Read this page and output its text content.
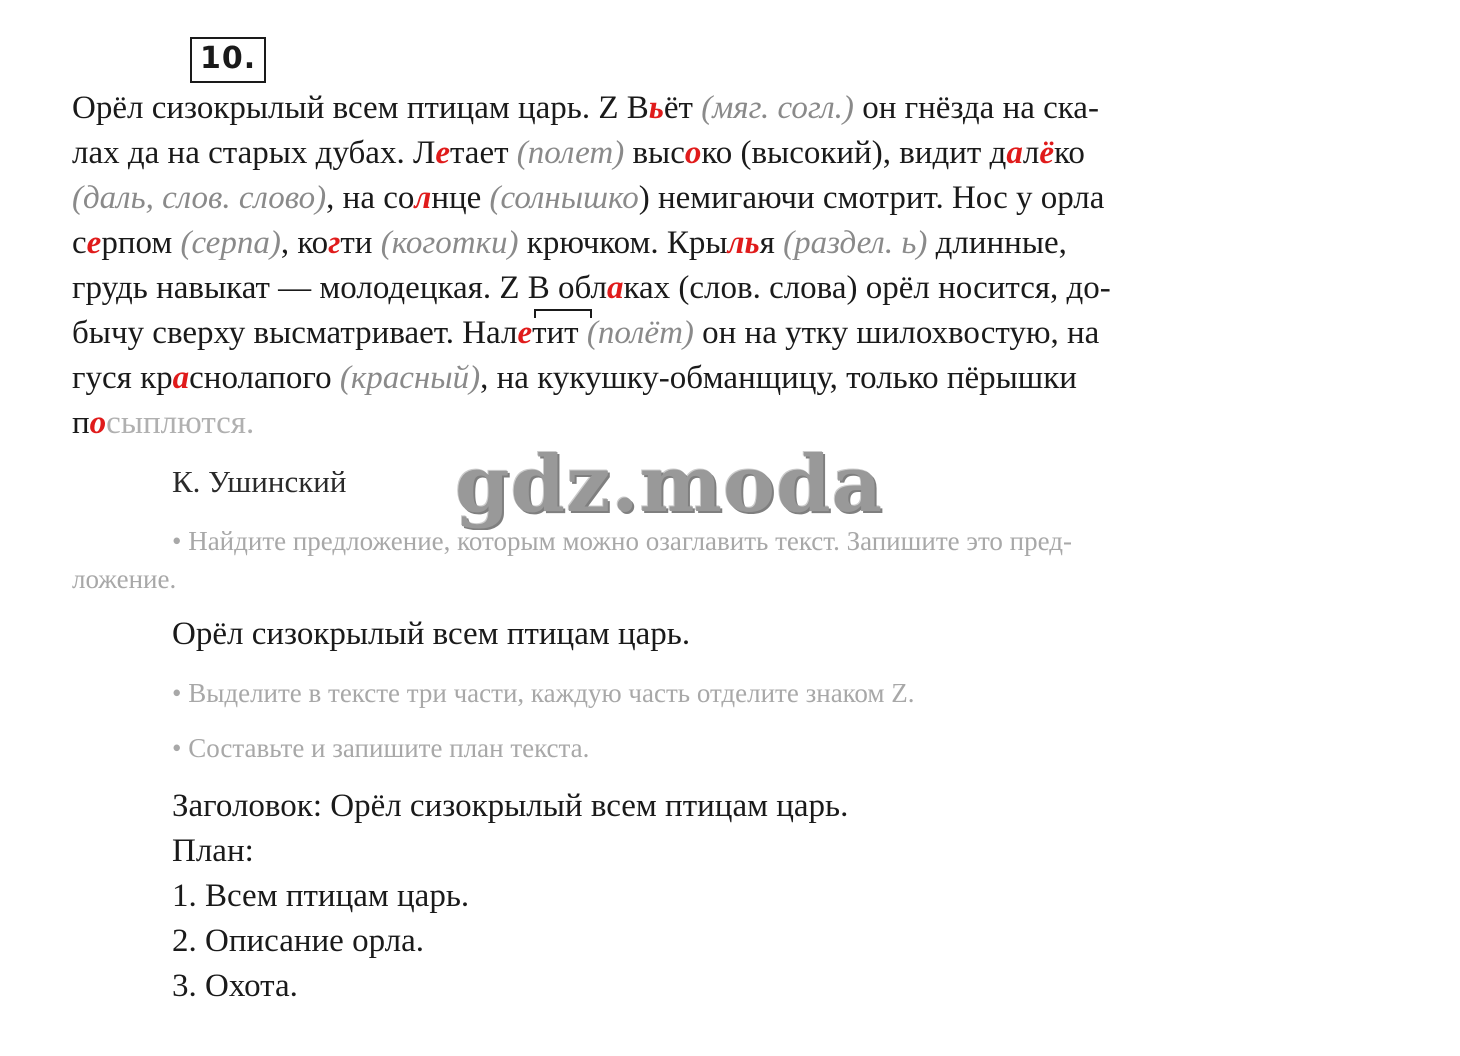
10.
Орёл сизокрылый всем птицам царь. Z Вьёт (мяг. согл.) он гнёзда на ска-
лах да на старых дубах. Летает (полет) высоко (высокий), видит далёко
(даль, слов. слово), на солнце (солнышко) немигаючи смотрит. Нос у орла
серпом (серпа), когти (коготки) крючком. Крылья (раздел. ь) длинные,
грудь навыкат — молодецкая. Z В облаках (слов. слова) орёл носится, до-
бычу сверху высматривает. Налетит (полёт) он на утку шилохвостую, на
гуся краснолапого (красный), на кукушку-обманщицу, только пёрышки
посыплются.
К. Ушинский gdz.moda
• Найдите предложение, которым можно озаглавить текст. Запишите это пред-
ложение.
Орёл сизокрылый всем птицам царь.
• Выделите в тексте три части, каждую часть отделите знаком Z.
• Составьте и запишите план текста.
Заголовок: Орёл сизокрылый всем птицам царь.
План:
1. Всем птицам царь.
2. Описание орла.
3. Охота.
